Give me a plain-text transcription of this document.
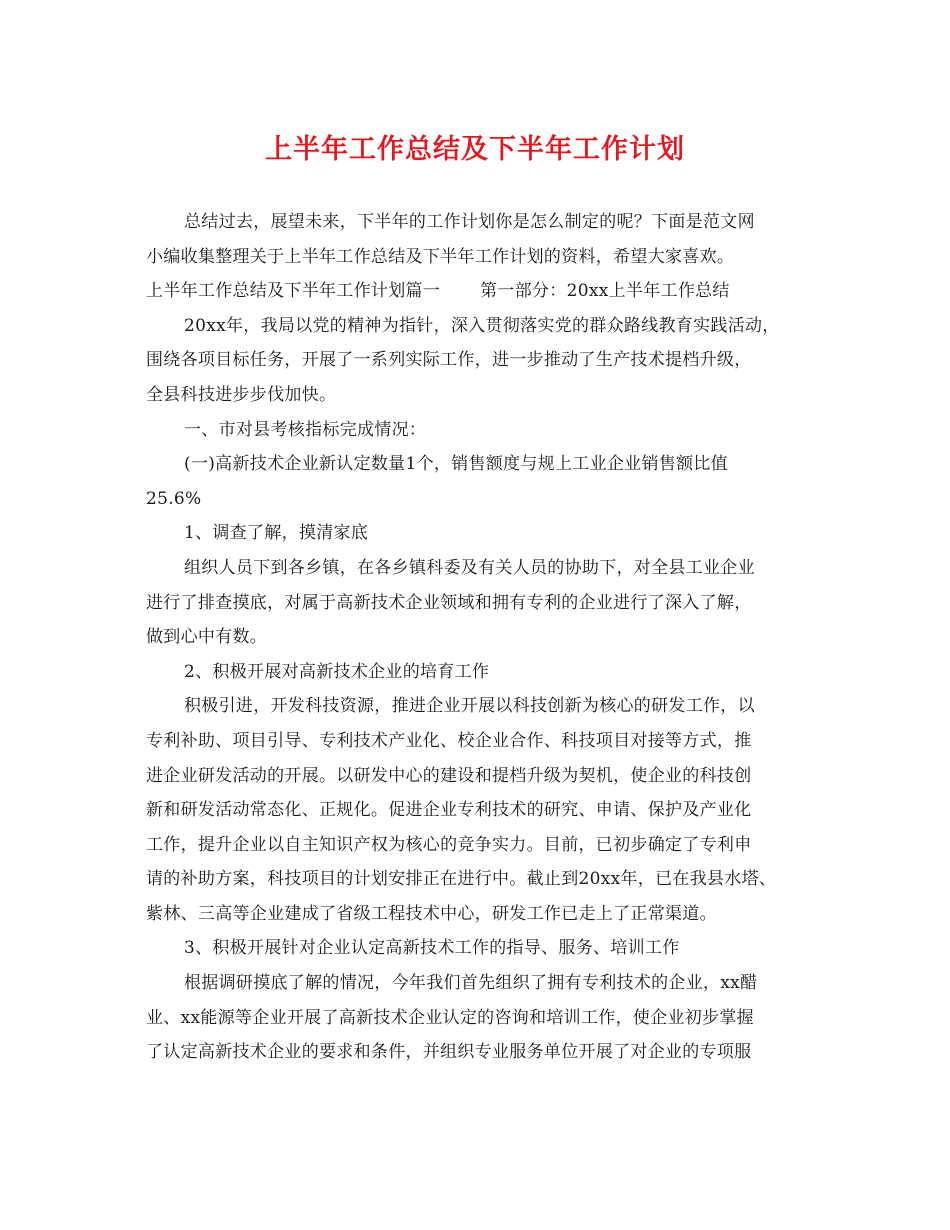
上半年工作总结及下半年工作计划
总结过去，展望未来，下半年的工作计划你是怎么制定的呢？下面是范文网
小编收集整理关于上半年工作总结及下半年工作计划的资料，希望大家喜欢。
上半年工作总结及下半年工作计划篇一 第一部分：20xx上半年工作总结
20xx年，我局以党的精神为指针，深入贯彻落实党的群众路线教育实践活动，
围绕各项目标任务，开展了一系列实际工作，进一步推动了生产技术提档升级，
全县科技进步步伐加快。
一、市对县考核指标完成情况：
(一)高新技术企业新认定数量1个，销售额度与规上工业企业销售额比值
25.6%
1、调查了解，摸清家底
组织人员下到各乡镇，在各乡镇科委及有关人员的协助下，对全县工业企业
进行了排查摸底，对属于高新技术企业领域和拥有专利的企业进行了深入了解，
做到心中有数。
2、积极开展对高新技术企业的培育工作
积极引进，开发科技资源，推进企业开展以科技创新为核心的研发工作，以
专利补助、项目引导、专利技术产业化、校企业合作、科技项目对接等方式，推
进企业研发活动的开展。以研发中心的建设和提档升级为契机，使企业的科技创
新和研发活动常态化、正规化。促进企业专利技术的研究、申请、保护及产业化
工作，提升企业以自主知识产权为核心的竞争实力。目前，已初步确定了专利申
请的补助方案，科技项目的计划安排正在进行中。截止到20xx年，已在我县水塔、
紫林、三高等企业建成了省级工程技术中心，研发工作已走上了正常渠道。
3、积极开展针对企业认定高新技术工作的指导、服务、培训工作
根据调研摸底了解的情况，今年我们首先组织了拥有专利技术的企业，xx醋
业、xx能源等企业开展了高新技术企业认定的咨询和培训工作，使企业初步掌握
了认定高新技术企业的要求和条件，并组织专业服务单位开展了对企业的专项服
